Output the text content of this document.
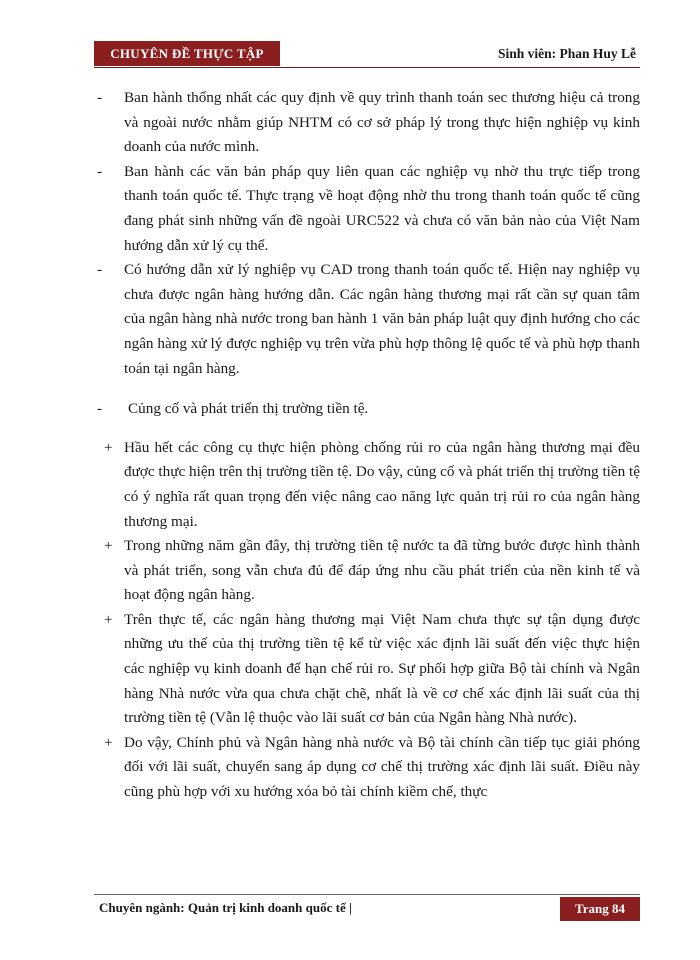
CHUYÊN ĐỀ THỰC TẬP	Sinh viên: Phan Huy Lễ
- Ban hành thống nhất các quy định về quy trình thanh toán sec thương hiệu cả trong và ngoài nước nhằm giúp NHTM có cơ sở pháp lý trong thực hiện nghiệp vụ kinh doanh của nước mình.
- Ban hành các văn bản pháp quy liên quan các nghiệp vụ nhờ thu trực tiếp trong thanh toán quốc tế. Thực trạng về hoạt động nhờ thu trong thanh toán quốc tế cũng đang phát sinh những vấn đề ngoài URC522 và chưa có văn bản nào của Việt Nam hướng dẫn xử lý cụ thể.
- Có hướng dẫn xử lý nghiệp vụ CAD trong thanh toán quốc tế. Hiện nay nghiệp vụ chưa được ngân hàng hướng dẫn. Các ngân hàng thương mại rất cần sự quan tâm của ngân hàng nhà nước trong ban hành 1 văn bản pháp luật quy định hướng cho các ngân hàng xử lý được nghiệp vụ trên vừa phù hợp thông lệ quốc tế và phù hợp thanh toán tại ngân hàng.
- Củng cố và phát triển thị trường tiền tệ.
+ Hầu hết các công cụ thực hiện phòng chống rủi ro của ngân hàng thương mại đều được thực hiện trên thị trường tiền tệ. Do vậy, củng cố và phát triển thị trường tiền tệ có ý nghĩa rất quan trọng đến việc nâng cao năng lực quản trị rủi ro của ngân hàng thương mại.
+ Trong những năm gần đây, thị trường tiền tệ nước ta đã từng bước được hình thành và phát triển, song vẫn chưa đủ để đáp ứng nhu cầu phát triển của nền kinh tế và hoạt động ngân hàng.
+ Trên thực tế, các ngân hàng thương mại Việt Nam chưa thực sự tận dụng được những ưu thế của thị trường tiền tệ kể từ việc xác định lãi suất đến việc thực hiện các nghiệp vụ kinh doanh để hạn chế rủi ro. Sự phối hợp giữa Bộ tài chính và Ngân hàng Nhà nước vừa qua chưa chặt chẽ, nhất là về cơ chế xác định lãi suất của thị trường tiền tệ (Vẫn lệ thuộc vào lãi suất cơ bản của Ngân hàng Nhà nước).
+ Do vậy, Chính phủ và Ngân hàng nhà nước và Bộ tài chính cần tiếp tục giải phóng đối với lãi suất, chuyển sang áp dụng cơ chế thị trường xác định lãi suất. Điều này cũng phù hợp với xu hướng xóa bỏ tài chính kiềm chế, thực
Chuyên ngành: Quản trị kinh doanh quốc tế |	Trang 84
